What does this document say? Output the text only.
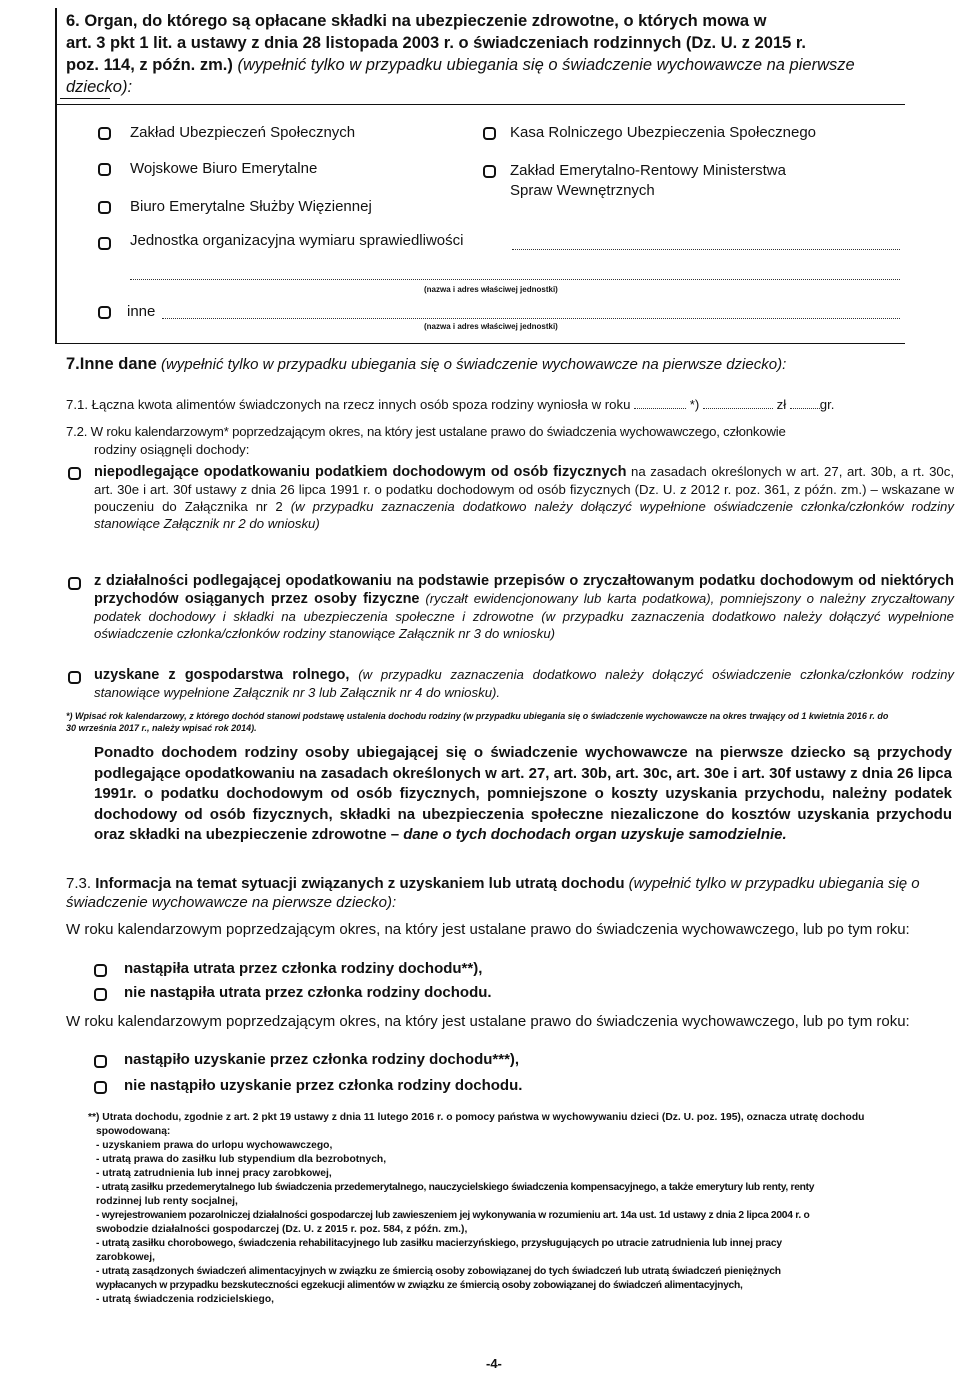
6. Organ, do którego są opłacane składki na ubezpieczenie zdrowotne, o których mowa w
art. 3 pkt 1 lit. a ustawy z dnia 28 listopada 2003 r. o świadczeniach rodzinnych (Dz. U. z 2015 r.
poz. 114, z późn. zm.) (wypełnić tylko w przypadku ubiegania się o świadczenie wychowawcze na pierwsze
dziecko):
Zakład Ubezpieczeń Społecznych	Kasa Rolniczego Ubezpieczenia Społecznego
Wojskowe Biuro Emerytalne	Zakład Emerytalno-Rentowy Ministerstwa
Spraw Wewnętrznych
Biuro Emerytalne Służby Więziennej
Jednostka organizacyjna wymiaru sprawiedliwości
(nazwa i adres właściwej jednostki)
inne
(nazwa i adres właściwej jednostki)
7.Inne dane (wypełnić tylko w przypadku ubiegania się o świadczenie wychowawcze na pierwsze dziecko):
7.1. Łączna kwota alimentów świadczonych na rzecz innych osób spoza rodziny wyniosła w roku	*)	zł gr.
7.2. W roku kalendarzowym* poprzedzającym okres, na który jest ustalane prawo do świadczenia wychowawczego, członkowie
rodziny osiągnęli dochody:
niepodlegające opodatkowaniu podatkiem dochodowym od osób fizycznych na zasadach określonych w art. 27, art. 30b, a rt. 30c, art. 30e i art. 30f ustawy z dnia 26 lipca 1991 r. o podatku dochodowym od osób fizycznych (Dz. U. z 2012 r. poz. 361, z późn. zm.) – wskazane w pouczeniu do Załącznika nr 2 (w przypadku zaznaczenia dodatkowo należy dołączyć wypełnione oświadczenie członka/członków rodziny stanowiące Załącznik nr 2 do wniosku)
z działalności podlegającej opodatkowaniu na podstawie przepisów o zryczałtowanym podatku dochodowym od niektórych przychodów osiąganych przez osoby fizyczne (ryczałt ewidencjonowany lub karta podatkowa), pomniejszony o należny zryczałtowany podatek dochodowy i składki na ubezpieczenia społeczne i zdrowotne (w przypadku zaznaczenia dodatkowo należy dołączyć wypełnione oświadczenie członka/członków rodziny stanowiące Załącznik nr 3 do wniosku)
uzyskane z gospodarstwa rolnego, (w przypadku zaznaczenia dodatkowo należy dołączyć oświadczenie członka/członków rodziny stanowiące wypełnione Załącznik nr 3 lub Załącznik nr 4 do wniosku).
*) Wpisać rok kalendarzowy, z którego dochód stanowi podstawę ustalenia dochodu rodziny (w przypadku ubiegania się o świadczenie wychowawcze na okres trwający od 1 kwietnia 2016 r. do 30 września 2017 r., należy wpisać rok 2014).
Ponadto dochodem rodziny osoby ubiegającej się o świadczenie wychowawcze na pierwsze dziecko są przychody podlegające opodatkowaniu na zasadach określonych w art. 27, art. 30b, art. 30c, art. 30e i art. 30f ustawy z dnia 26 lipca 1991r. o podatku dochodowym od osób fizycznych, pomniejszone o koszty uzyskania przychodu, należny podatek dochodowy od osób fizycznych, składki na ubezpieczenia społeczne niezaliczone do kosztów uzyskania przychodu oraz składki na ubezpieczenie zdrowotne – dane o tych dochodach organ uzyskuje samodzielnie.
7.3. Informacja na temat sytuacji związanych z uzyskaniem lub utratą dochodu (wypełnić tylko w przypadku ubiegania się o świadczenie wychowawcze na pierwsze dziecko):
W roku kalendarzowym poprzedzającym okres, na który jest ustalane prawo do świadczenia wychowawczego, lub po tym roku:
nastąpiła utrata przez członka rodziny dochodu**),
nie nastąpiła utrata przez członka rodziny dochodu.
W roku kalendarzowym poprzedzającym okres, na który jest ustalane prawo do świadczenia wychowawczego, lub po tym roku:
nastąpiło uzyskanie przez członka rodziny dochodu***),
nie nastąpiło uzyskanie przez członka rodziny dochodu.
**) Utrata dochodu, zgodnie z art. 2 pkt 19 ustawy z dnia 11 lutego 2016 r. o pomocy państwa w wychowywaniu dzieci (Dz. U. poz. 195), oznacza utratę dochodu
spowodowaną:
- uzyskaniem prawa do urlopu wychowawczego,
- utratą prawa do zasiłku lub stypendium dla bezrobotnych,
- utratą zatrudnienia lub innej pracy zarobkowej,
- utratą zasiłku przedemerytalnego lub świadczenia przedemerytalnego, nauczycielskiego świadczenia kompensacyjnego, a także emerytury lub renty, renty
rodzinnej lub renty socjalnej,
- wyrejestrowaniem pozarolniczej działalności gospodarczej lub zawieszeniem jej wykonywania w rozumieniu art. 14a ust. 1d ustawy z dnia 2 lipca 2004 r. o
swobodzie działalności gospodarczej (Dz. U. z 2015 r. poz. 584, z późn. zm.),
- utratą zasiłku chorobowego, świadczenia rehabilitacyjnego lub zasiłku macierzyńskiego, przysługujących po utracie zatrudnienia lub innej pracy
zarobkowej,
- utratą zasądzonych świadczeń alimentacyjnych w związku ze śmiercią osoby zobowiązanej do tych świadczeń lub utratą świadczeń pieniężnych
wypłacanych w przypadku bezskuteczności egzekucji alimentów w związku ze śmiercią osoby zobowiązanej do świadczeń alimentacyjnych,
- utratą świadczenia rodzicielskiego,
-4-
